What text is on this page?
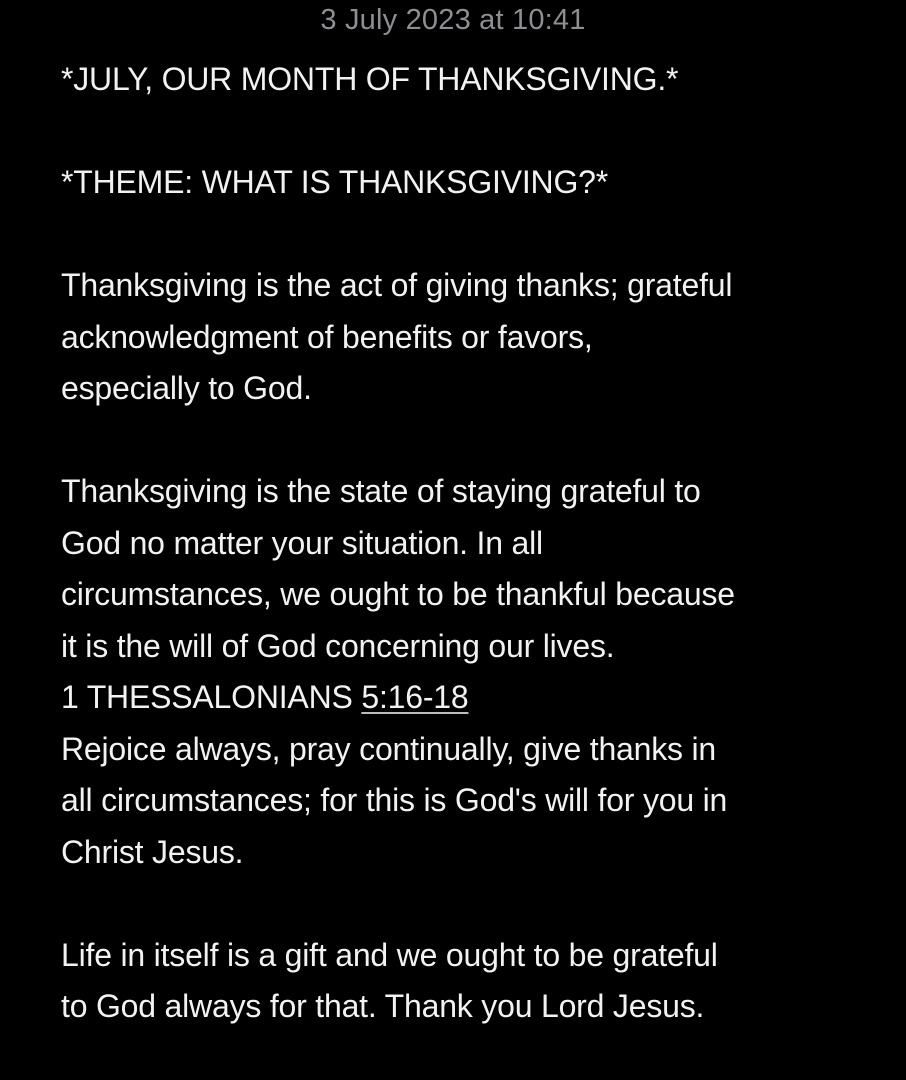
3 July 2023 at 10:41
*JULY, OUR MONTH OF THANKSGIVING.*
*THEME: WHAT IS THANKSGIVING?*
Thanksgiving is the act of giving thanks; grateful
acknowledgment of benefits or favors,
especially to God.
Thanksgiving is the state of staying grateful to
God no matter your situation. In all
circumstances, we ought to be thankful because
it is the will of God concerning our lives.
1 THESSALONIANS 5:16-18
Rejoice always, pray continually, give thanks in
all circumstances; for this is God's will for you in
Christ Jesus.
Life in itself is a gift and we ought to be grateful
to God always for that. Thank you Lord Jesus.
